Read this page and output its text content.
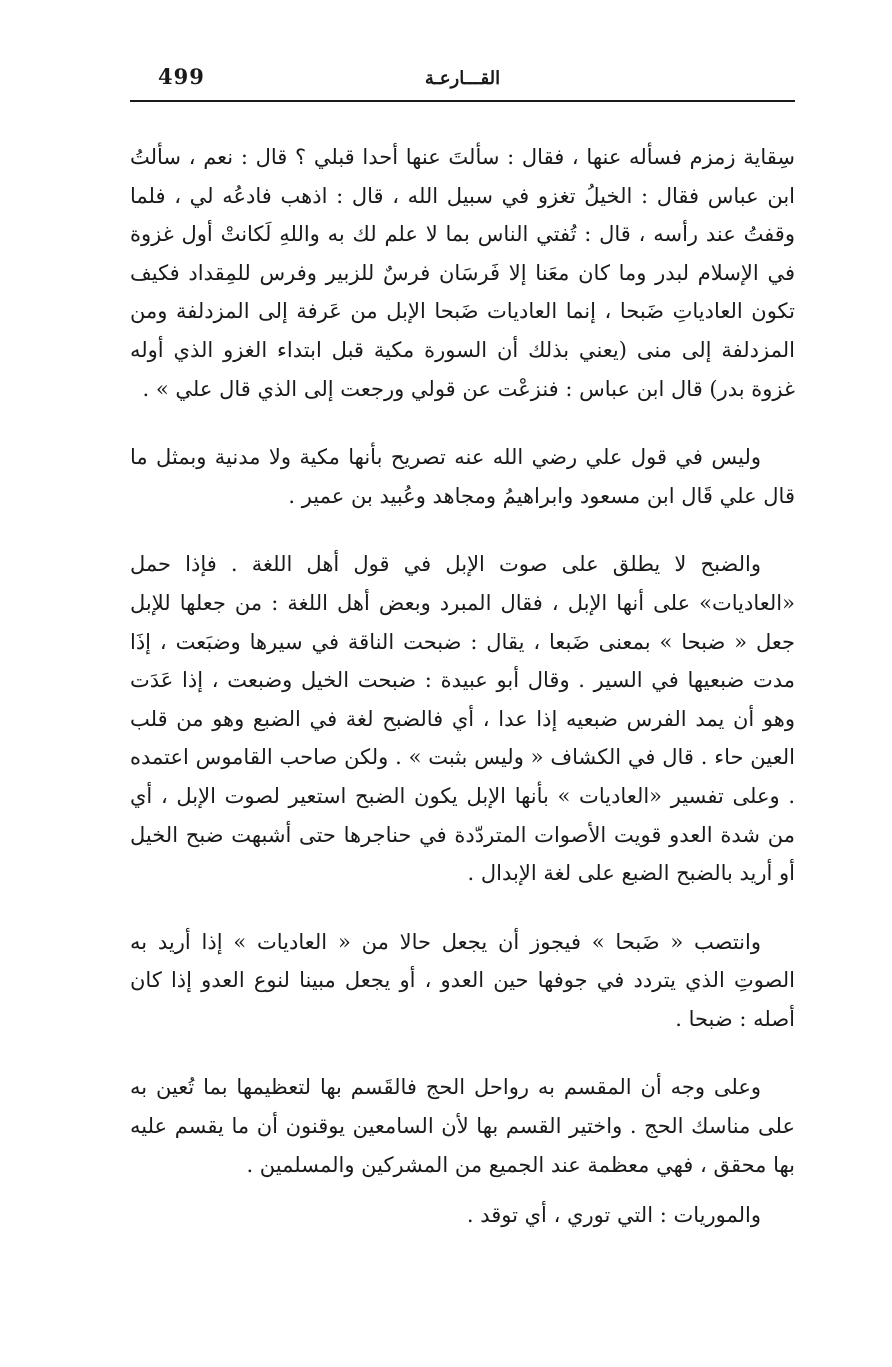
499	القـــارعـة

سِقاية زمزم فسأله عنها ، فقال : سألتَ عنها أحدا قبلي ؟ قال : نعم ، سألتُ ابن عباس فقال : الخيلُ تغزو في سبيل الله ، قال : اذهب فادعُه لي ، فلما وقفتُ عند رأسه ، قال : تُفتي الناس بما لا علم لك به واللهِ لَكانتْ أول غزوة في الإسلام لبدر وما كان معَنا إلا فَرسَان فرسٌ للزبير وفرس للمِقداد فكيف تكون العادياتِ ضَبحا ، إنما العاديات ضَبحا الإبل من عَرفة إلى المزدلفة ومن المزدلفة إلى منى (يعني بذلك أن السورة مكية قبل ابتداء الغزو الذي أوله غزوة بدر) قال ابن عباس : فنزعْت عن قولي ورجعت إلى الذي قال علي » .

وليس في قول علي رضي الله عنه تصريح بأنها مكية ولا مدنية وبمثل ما قال علي قَال ابن مسعود وابراهيمُ ومجاهد وعُبيد بن عمير .

والضبح لا يطلق على صوت الإبل في قول أهل اللغة . فإذا حمل «العاديات» على أنها الإبل ، فقال المبرد وبعض أهل اللغة : من جعلها للإبل جعل « ضبحا » بمعنى ضَبعا ، يقال : ضبحت الناقة في سيرها وضبَعت ، إذَا مدت ضبعيها في السير . وقال أبو عبيدة : ضبحت الخيل وضبعت ، إذا عَدَت وهو أن يمد الفرس ضبعيه إذا عدا ، أي فالضبح لغة في الضبع وهو من قلب العين حاء . قال في الكشاف « وليس بثبت » . ولكن صاحب القاموس اعتمده . وعلى تفسير «العاديات » بأنها الإبل يكون الضبح استعير لصوت الإبل ، أي من شدة العدو قويت الأصوات المتردّدة في حناجرها حتى أشبهت ضبح الخيل أو أريد بالضبح الضبع على لغة الإبدال .

وانتصب « ضَبحا » فيجوز أن يجعل حالا من « العاديات » إذا أريد به الصوتِ الذي يتردد في جوفها حين العدو ، أو يجعل مبينا لنوع العدو إذا كان أصله : ضبحا .

وعلى وجه أن المقسم به رواحل الحج فالقَسم بها لتعظيمها بما تُعين به على مناسك الحج . واختير القسم بها لأن السامعين يوقنون أن ما يقسم عليه بها محقق ، فهي معظمة عند الجميع من المشركين والمسلمين .

والموريات : التي توري ، أي توقد .
